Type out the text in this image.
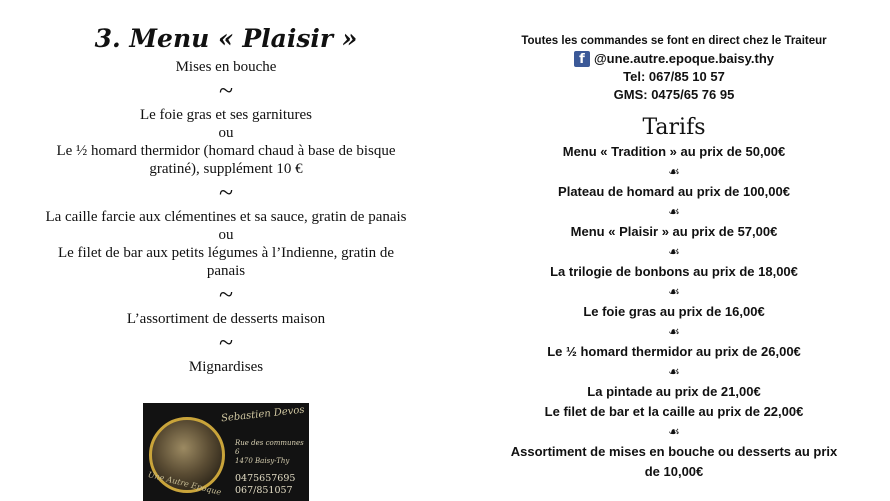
3. Menu « Plaisir »
Mises en bouche
~
Le foie gras et ses garnitures
ou
Le ½ homard thermidor (homard chaud à base de bisque
gratiné), supplément 10 €
~
La caille farcie aux clémentines et sa sauce, gratin de panais
ou
Le filet de bar aux petits légumes à l’Indienne, gratin de
panais
~
L’assortiment de desserts maison
~
Mignardises
Sebastien Devos
Rue des communes 6
1470 Baisy-Thy
0475657695
067/851057
Une Autre Epoque
Toutes les commandes se font en direct chez le Traiteur
f @une.autre.epoque.baisy.thy
Tel: 067/85 10 57
GMS: 0475/65 76 95
Tarifs
Menu « Tradition » au prix de 50,00€
☙
Plateau de homard au prix de 100,00€
☙
Menu « Plaisir » au prix de 57,00€
☙
La trilogie de bonbons au prix de 18,00€
☙
Le foie gras au prix de 16,00€
☙
Le ½ homard thermidor au prix de 26,00€
☙
La pintade au prix de 21,00€
Le filet de bar et la caille au prix de 22,00€
☙
Assortiment de mises en bouche ou desserts au prix
de 10,00€
